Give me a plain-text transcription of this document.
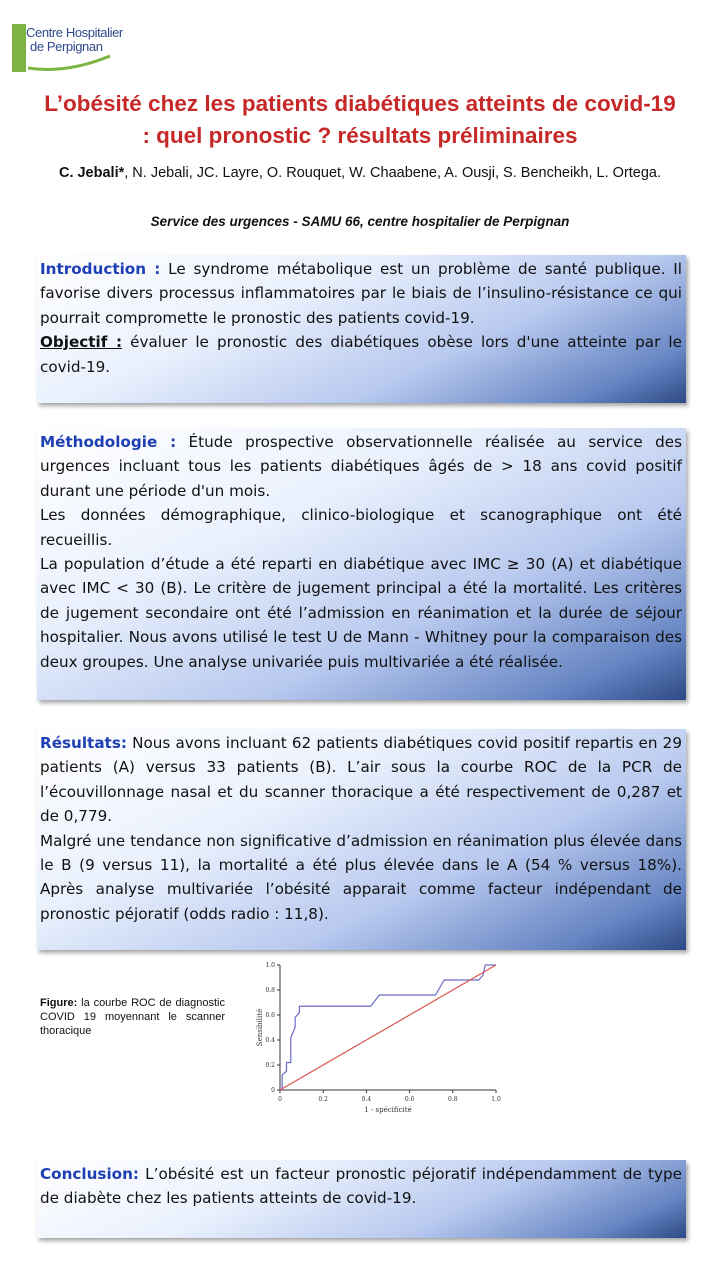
Centre Hospitalier
de Perpignan
L’obésité chez les patients diabétiques atteints de covid-19 : quel pronostic ? résultats préliminaires
C. Jebali*, N. Jebali, JC. Layre, O. Rouquet, W. Chaabene, A. Ousji, S. Bencheikh, L. Ortega.
Service des urgences - SAMU 66, centre hospitalier de Perpignan

Introduction : Le syndrome métabolique est un problème de santé publique. Il favorise divers processus inflammatoires par le biais de l’insulino-résistance ce qui pourrait compromette le pronostic des patients covid-19.

Objectif : évaluer le pronostic des diabétiques obèse lors d'une atteinte par le covid-19.

Méthodologie : Étude prospective observationnelle réalisée au service des urgences incluant tous les patients diabétiques âgés de > 18 ans covid positif durant une période d'un mois.

Les données démographique, clinico-biologique et scanographique ont été recueillis.

La population d’étude a été reparti en diabétique avec IMC ≥ 30 (A) et diabétique avec IMC < 30 (B). Le critère de jugement principal a été la mortalité. Les critères de jugement secondaire ont été l’admission en réanimation et la durée de séjour hospitalier. Nous avons utilisé le test U de Mann - Whitney pour la comparaison des deux groupes. Une analyse univariée puis multivariée a été réalisée.

Résultats: Nous avons incluant 62 patients diabétiques covid positif repartis en 29 patients (A) versus 33 patients (B). L’air sous la courbe ROC de la PCR de l’écouvillonnage nasal et du scanner thoracique a été respectivement de 0,287 et de 0,779.

Malgré une tendance non significative d’admission en réanimation plus élevée dans le B (9 versus 11), la mortalité a été plus élevée dans le A (54 % versus 18%). Après analyse multivariée l’obésité apparait comme facteur indépendant de pronostic péjoratif (odds radio : 11,8).

Figure: la courbe ROC de diagnostic COVID 19 moyennant le scanner thoracique
0	0.2	0.4	0.6	0.8	1.0
0
0.2
0.4
0.6
0.8
1.0
1 - spécificité
Sensibilité

Conclusion: L’obésité est un facteur pronostic péjoratif indépendamment de type de diabète chez les patients atteints de covid-19.
